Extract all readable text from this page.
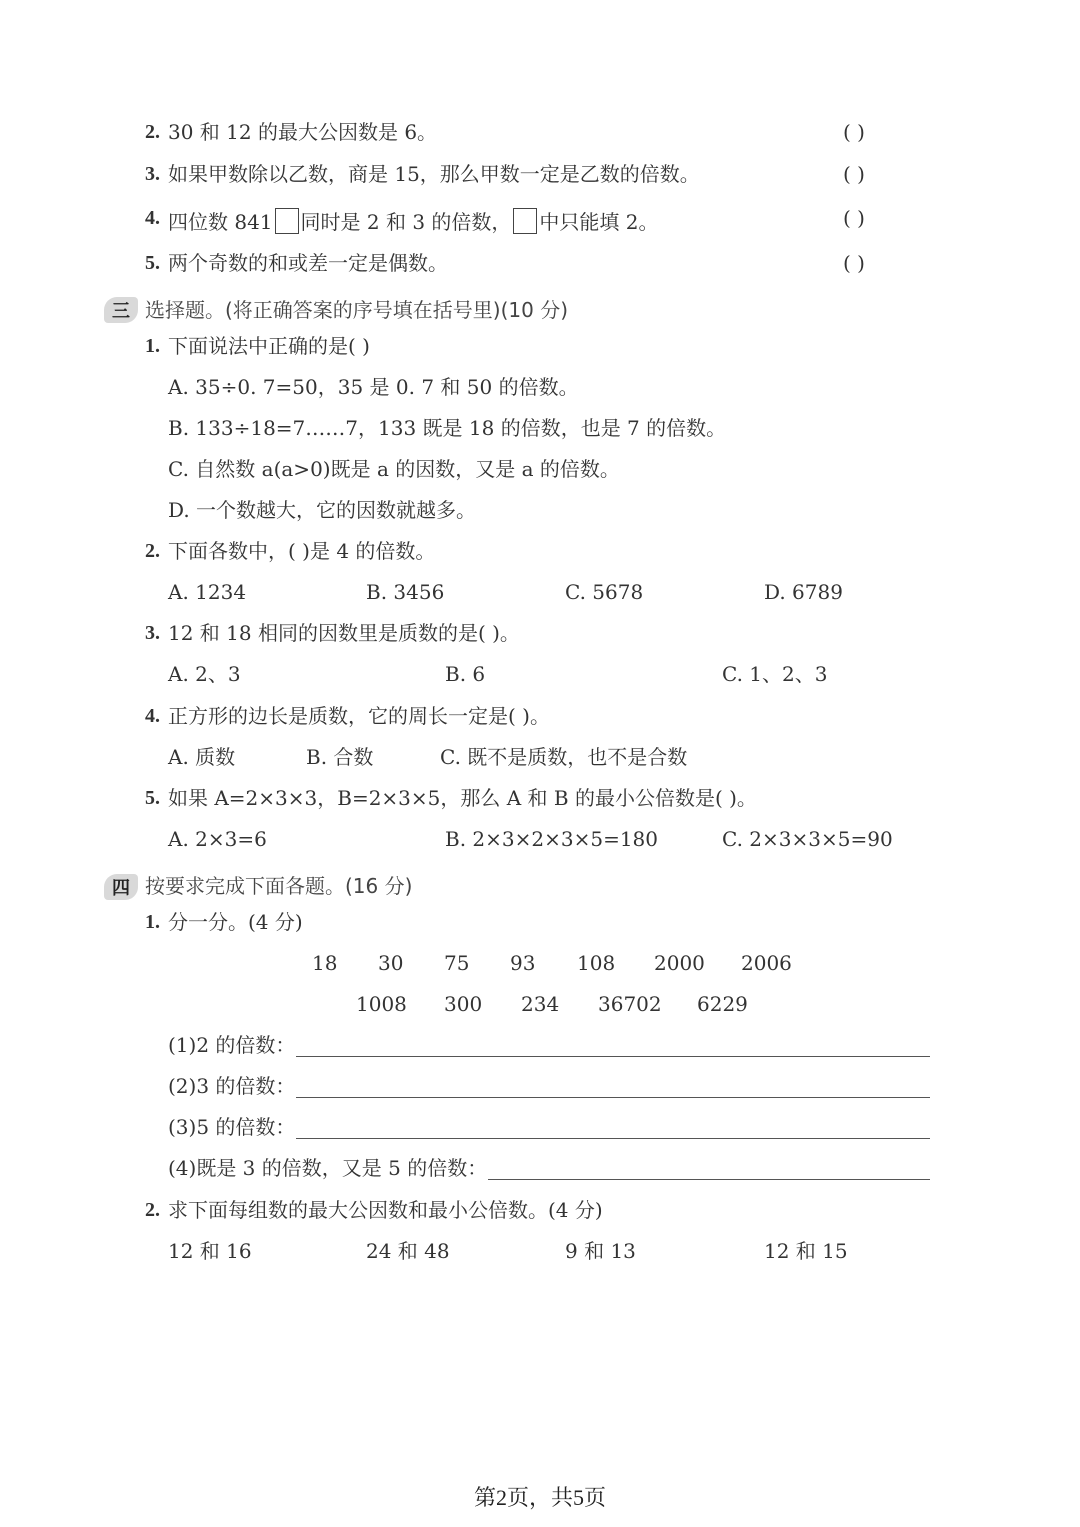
2. 30 和 12 的最大公因数是 6。	( )
3. 如果甲数除以乙数，商是 15，那么甲数一定是乙数的倍数。	( )
4. 四位数 841 同时是 2 和 3 的倍数， 中只能填 2。	( )
5. 两个奇数的和或差一定是偶数。	( )
三 选择题。(将正确答案的序号填在括号里)(10 分)
1. 下面说法中正确的是( )
A. 35÷0. 7=50，35 是 0. 7 和 50 的倍数。
B. 133÷18=7……7，133 既是 18 的倍数，也是 7 的倍数。
C. 自然数 a(a>0)既是 a 的因数，又是 a 的倍数。
D. 一个数越大，它的因数就越多。
2. 下面各数中，( )是 4 的倍数。
A. 1234	B. 3456	C. 5678	D. 6789
3. 12 和 18 相同的因数里是质数的是( )。
A. 2、3	B. 6	C. 1、2、3
4. 正方形的边长是质数，它的周长一定是( )。
A. 质数	B. 合数	C. 既不是质数，也不是合数
5. 如果 A=2×3×3，B=2×3×5，那么 A 和 B 的最小公倍数是( )。
A. 2×3=6	B. 2×3×2×3×5=180	C. 2×3×3×5=90
四 按要求完成下面各题。(16 分)
1. 分一分。(4 分)
18 30 75 93 108 2000 2006
1008 300 234 36702 6229
(1)2 的倍数：
(2)3 的倍数：
(3)5 的倍数：
(4)既是 3 的倍数，又是 5 的倍数：
2. 求下面每组数的最大公因数和最小公倍数。(4 分)
12 和 16	24 和 48	9 和 13	12 和 15
第2页，共5页
